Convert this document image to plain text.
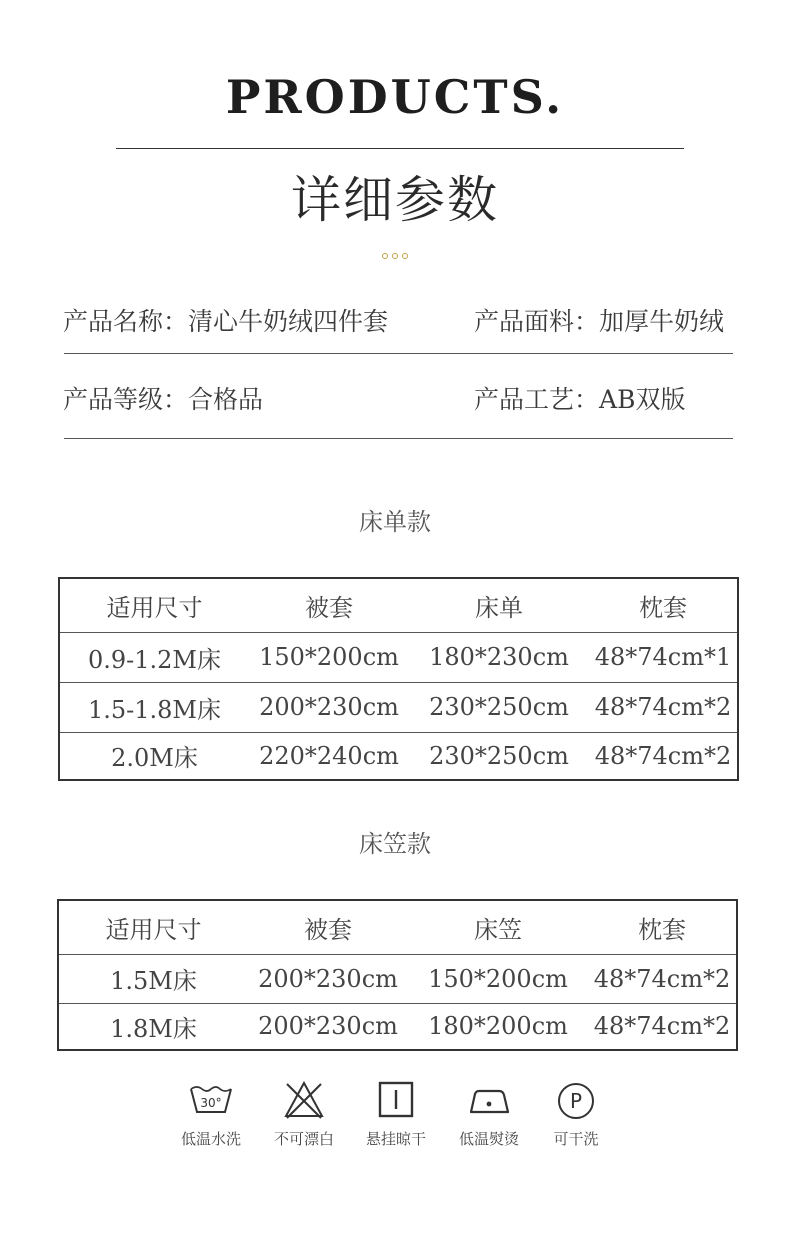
PRODUCTS.
详细参数
产品名称：清心牛奶绒四件套	产品面料：加厚牛奶绒
产品等级：合格品	产品工艺：AB双版
床单款
适用尺寸	被套	床单	枕套
0.9-1.2M床	150*200cm	180*230cm	48*74cm*1
1.5-1.8M床	200*230cm	230*250cm	48*74cm*2
2.0M床	220*240cm	230*250cm	48*74cm*2
床笠款
适用尺寸	被套	床笠	枕套
1.5M床	200*230cm	150*200cm	48*74cm*2
1.8M床	200*230cm	180*200cm	48*74cm*2
30°
低温水洗	不可漂白	悬挂晾干	低温熨烫
P
可干洗
